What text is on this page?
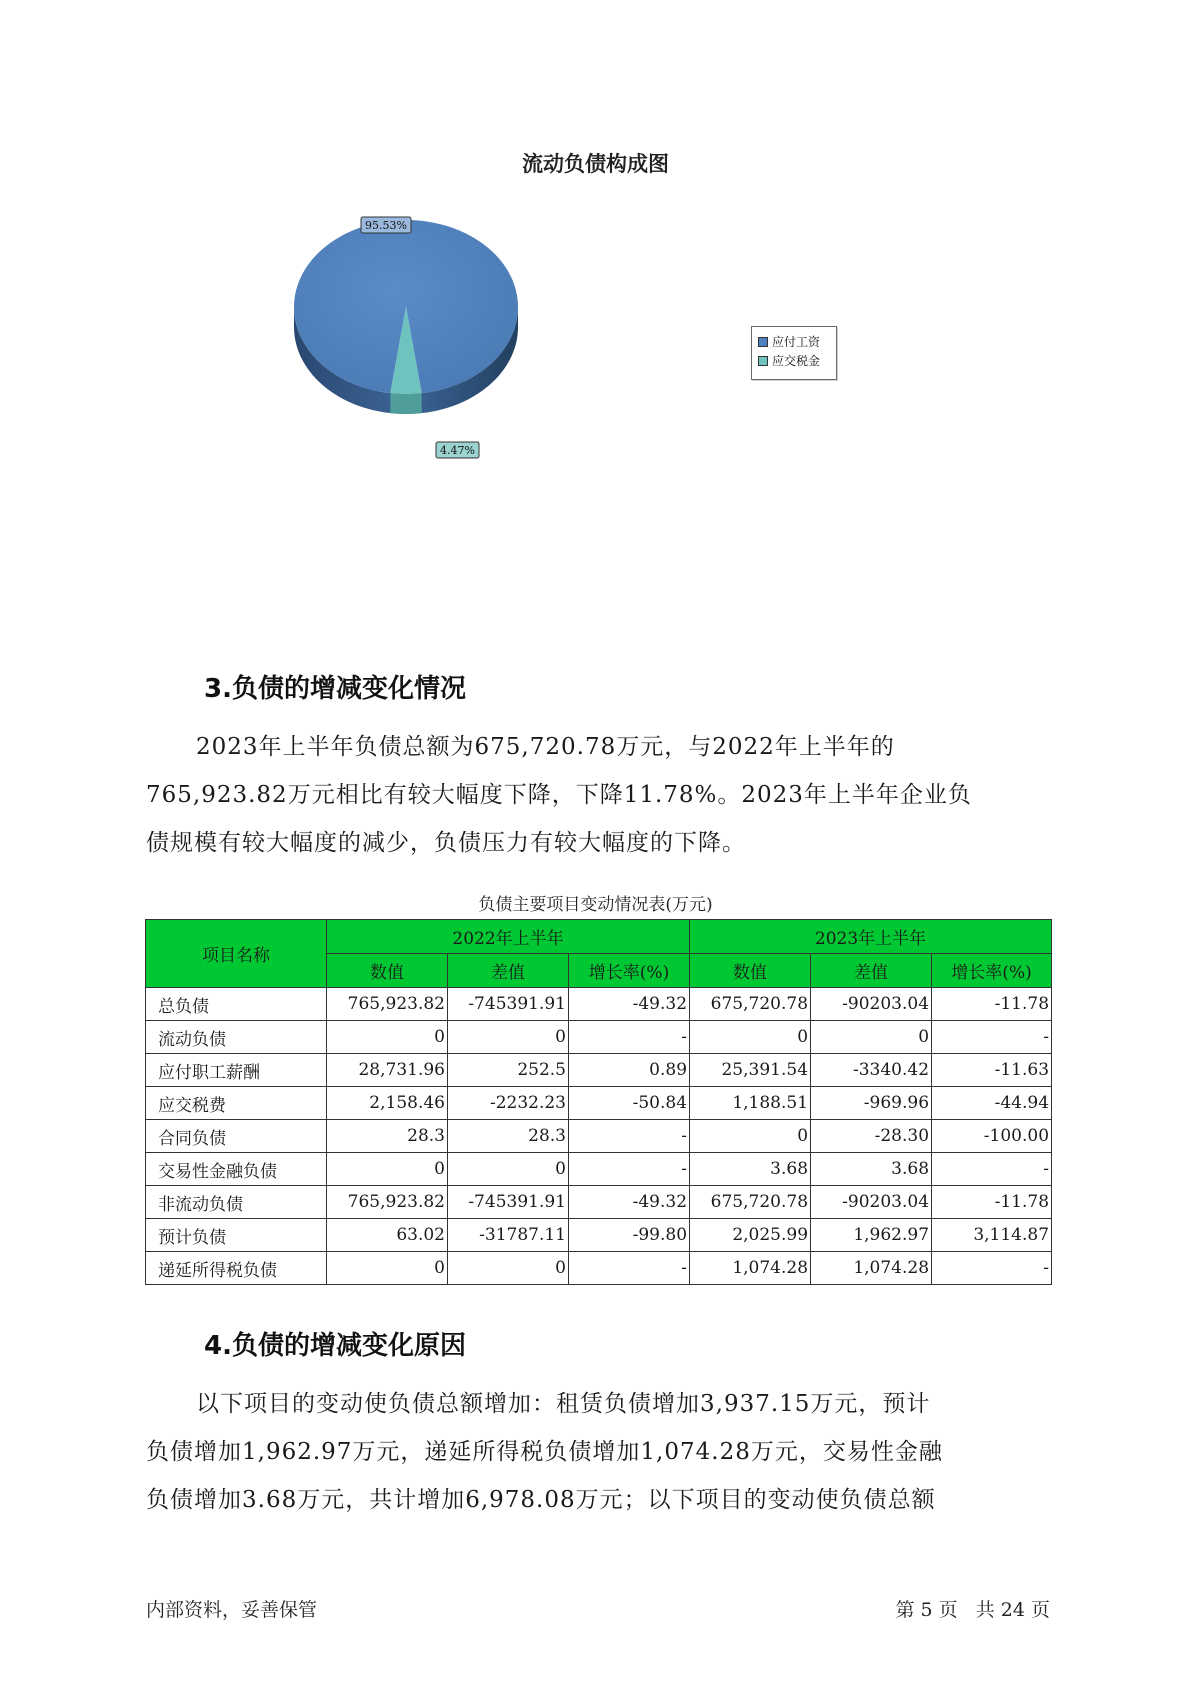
流动负债构成图
95.53%
4.47%
应付工资
应交税金
3.负债的增减变化情况
2023年上半年负债总额为675,720.78万元，与2022年上半年的
765,923.82万元相比有较大幅度下降，下降11.78%。2023年上半年企业负
债规模有较大幅度的减少，负债压力有较大幅度的下降。
负债主要项目变动情况表(万元)
项目名称	2022年上半年			2023年上半年		
	数值	差值	增长率(%)	数值	差值	增长率(%)
总负债	765,923.82	-745391.91	-49.32	675,720.78	-90203.04	-11.78
流动负债	0	0	-	0	0	-
应付职工薪酬	28,731.96	252.5	0.89	25,391.54	-3340.42	-11.63
应交税费	2,158.46	-2232.23	-50.84	1,188.51	-969.96	-44.94
合同负债	28.3	28.3	-	0	-28.30	-100.00
交易性金融负债	0	0	-	3.68	3.68	-
非流动负债	765,923.82	-745391.91	-49.32	675,720.78	-90203.04	-11.78
预计负债	63.02	-31787.11	-99.80	2,025.99	1,962.97	3,114.87
递延所得税负债	0	0	-	1,074.28	1,074.28	-
4.负债的增减变化原因
以下项目的变动使负债总额增加：租赁负债增加3,937.15万元，预计
负债增加1,962.97万元，递延所得税负债增加1,074.28万元，交易性金融
负债增加3.68万元，共计增加6,978.08万元；以下项目的变动使负债总额
内部资料，妥善保管	第 5 页   共 24 页
